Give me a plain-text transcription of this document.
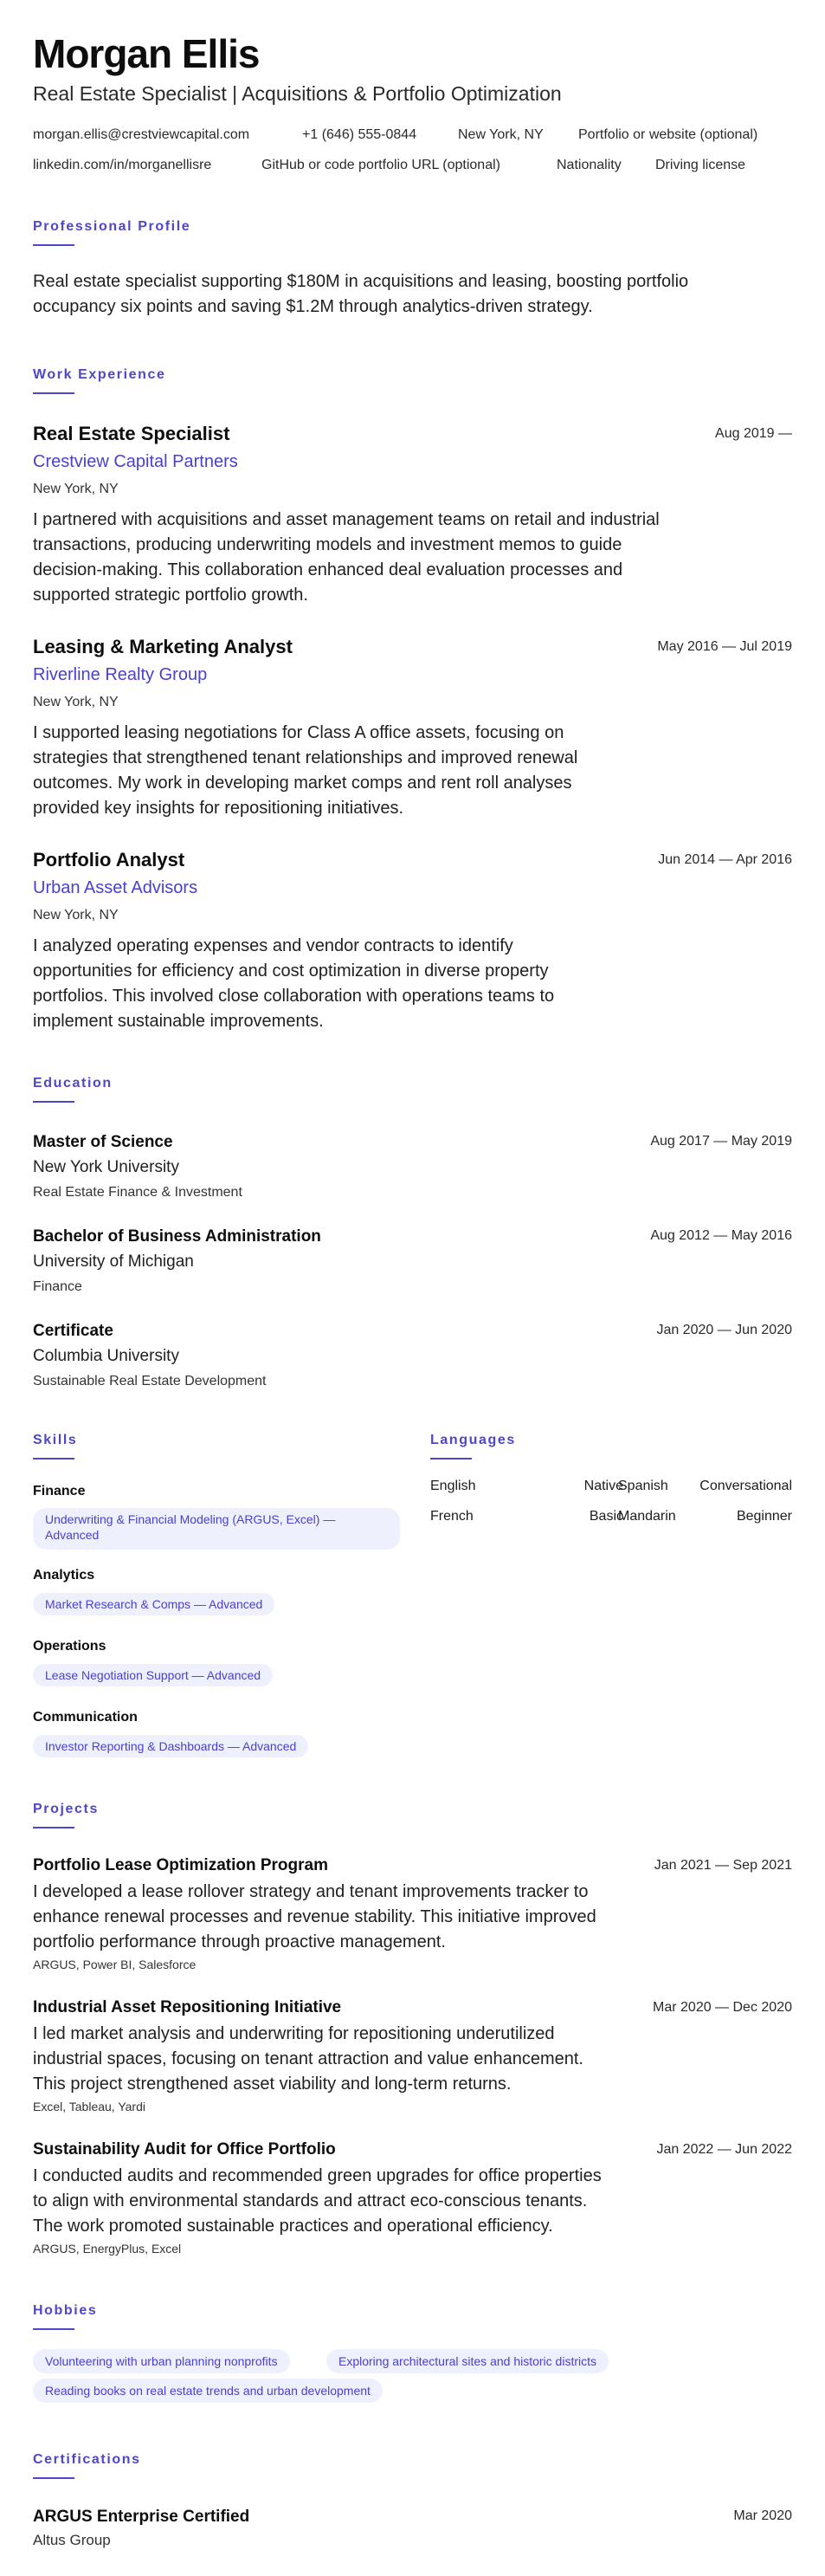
Morgan Ellis
Real Estate Specialist | Acquisitions & Portfolio Optimization
morgan.ellis@crestviewcapital.com	+1 (646) 555-0844	New York, NY	Portfolio or website (optional)
linkedin.com/in/morganellisre	GitHub or code portfolio URL (optional)	Nationality Driving license
Professional Profile
Real estate specialist supporting $180M in acquisitions and leasing, boosting portfolio
occupancy six points and saving $1.2M through analytics-driven strategy.
Work Experience
Real Estate Specialist	Aug 2019 —
Crestview Capital Partners
New York, NY
I partnered with acquisitions and asset management teams on retail and industrial
transactions, producing underwriting models and investment memos to guide
decision-making. This collaboration enhanced deal evaluation processes and
supported strategic portfolio growth.
Leasing & Marketing Analyst	May 2016 — Jul 2019
Riverline Realty Group
New York, NY
I supported leasing negotiations for Class A office assets, focusing on
strategies that strengthened tenant relationships and improved renewal
outcomes. My work in developing market comps and rent roll analyses
provided key insights for repositioning initiatives.
Portfolio Analyst	Jun 2014 — Apr 2016
Urban Asset Advisors
New York, NY
I analyzed operating expenses and vendor contracts to identify
opportunities for efficiency and cost optimization in diverse property
portfolios. This involved close collaboration with operations teams to
implement sustainable improvements.
Education
Master of Science	Aug 2017 — May 2019
New York University
Real Estate Finance & Investment
Bachelor of Business Administration	Aug 2012 — May 2016
University of Michigan
Finance
Certificate	Jan 2020 — Jun 2020
Columbia University
Sustainable Real Estate Development
Skills
Finance
Underwriting & Financial Modeling (ARGUS, Excel) —
Advanced
Analytics
Market Research & Comps — Advanced
Operations
Lease Negotiation Support — Advanced
Communication
Investor Reporting & Dashboards — Advanced
Languages
English	Native
Spanish	Conversational
French	Basic
Mandarin	Beginner
Projects
Portfolio Lease Optimization Program	Jan 2021 — Sep 2021
I developed a lease rollover strategy and tenant improvements tracker to
enhance renewal processes and revenue stability. This initiative improved
portfolio performance through proactive management.
ARGUS, Power BI, Salesforce
Industrial Asset Repositioning Initiative	Mar 2020 — Dec 2020
I led market analysis and underwriting for repositioning underutilized
industrial spaces, focusing on tenant attraction and value enhancement.
This project strengthened asset viability and long-term returns.
Excel, Tableau, Yardi
Sustainability Audit for Office Portfolio	Jan 2022 — Jun 2022
I conducted audits and recommended green upgrades for office properties
to align with environmental standards and attract eco-conscious tenants.
The work promoted sustainable practices and operational efficiency.
ARGUS, EnergyPlus, Excel
Hobbies
Volunteering with urban planning nonprofits	Exploring architectural sites and historic districts
Reading books on real estate trends and urban development
Certifications
ARGUS Enterprise Certified	Mar 2020
Altus Group
